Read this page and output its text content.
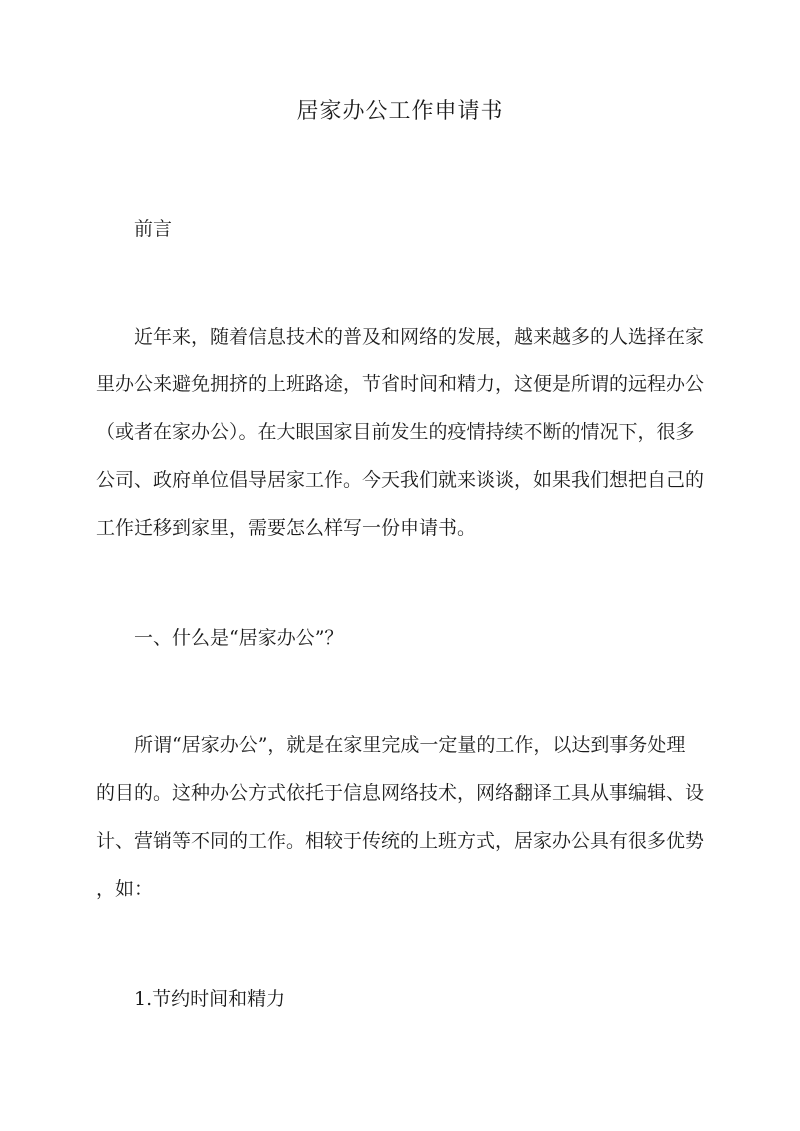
居家办公工作申请书
前言
近年来，随着信息技术的普及和网络的发展，越来越多的人选择在家
里办公来避免拥挤的上班路途，节省时间和精力，这便是所谓的远程办公
（或者在家办公）。在大眼国家目前发生的疫情持续不断的情况下，很多
公司、政府单位倡导居家工作。今天我们就来谈谈，如果我们想把自己的
工作迁移到家里，需要怎么样写一份申请书。
一、什么是“居家办公”？
所谓“居家办公”，就是在家里完成一定量的工作，以达到事务处理
的目的。这种办公方式依托于信息网络技术，网络翻译工具从事编辑、设
计、营销等不同的工作。相较于传统的上班方式，居家办公具有很多优势
，如：
1.节约时间和精力
